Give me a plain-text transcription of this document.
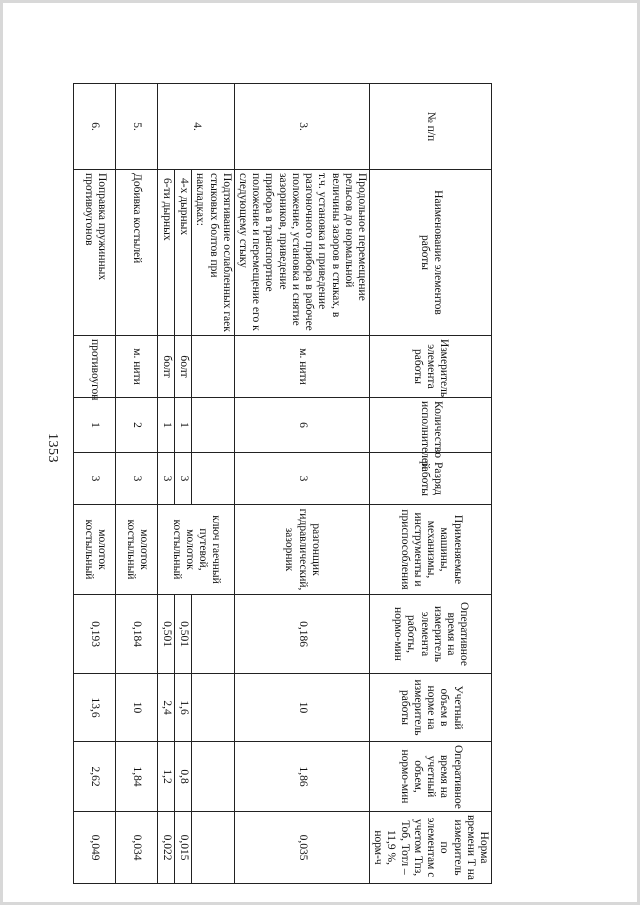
1353
№ п/п	Наименование элементов работы	Измеритель элемента работы	Количество исполнителей	Разряд работы	Применяемые машины, механизмы, инструменты и приспособления	Оперативное время на измеритель элемента работы, нормо-мин	Учетный объем в норме на измеритель работы	Оперативное время на учетный объем, нормо-мин	Норма времени Т на измеритель по элементам с учетом Тпз, Тоб, Тотл – 11,9 %, норм-ч
3.	Продольное перемещение рельсов до нормальной величины зазоров в стыках, в т.ч. установка и приведение разгоночного прибора в рабочее положение, установка и снятие зазорников, приведение прибора в транспортное положение и перемещение его к следующему стыку	м. нити	6	3	разгонщик гидравлический, зазорник	0,186	10	1,86	0,035
4.	Подтягивание ослабленных гаек стыковых болтов при накладках:				ключ гаечный путевой, молоток костыльный				
	4-х дырных	болт	1	3		0,501	1,6	0,8	0,015
	6-ти дырных	болт	1	3		0,501	2,4	1,2	0,022
5.	Добивка костылей	м. нити	2	3	молоток костыльный	0,184	10	1,84	0,034
6.	Поправка пружинных противоугонов	противоугон	1	3	молоток костыльный	0,193	13,6	2,62	0,049
